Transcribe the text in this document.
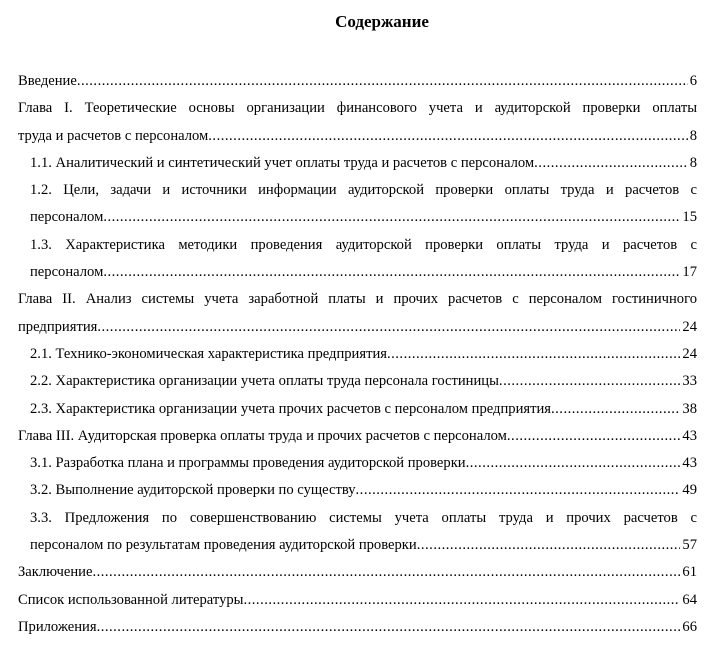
Содержание
Введение .....	6
Глава I. Теоретические основы организации финансового учета и аудиторской проверки оплаты
труда и расчетов с персоналом .....	8
1.1. Аналитический и синтетический учет оплаты труда и расчетов с персоналом .....	8
1.2. Цели, задачи и источники информации аудиторской проверки оплаты труда и расчетов с
персоналом .....	15
1.3. Характеристика методики проведения аудиторской проверки оплаты труда и расчетов с
персоналом .....	17
Глава II. Анализ системы учета заработной платы и прочих расчетов с персоналом гостиничного
предприятия .....	24
2.1. Технико-экономическая характеристика предприятия .....	24
2.2. Характеристика организации учета оплаты труда персонала гостиницы .....	33
2.3. Характеристика организации учета прочих расчетов с персоналом предприятия .....	38
Глава III. Аудиторская проверка оплаты труда и прочих расчетов с персоналом .....	43
3.1. Разработка плана и программы проведения аудиторской проверки .....	43
3.2. Выполнение аудиторской проверки по существу .....	49
3.3. Предложения по совершенствованию системы учета оплаты труда и прочих расчетов с
персоналом по результатам проведения аудиторской проверки .....	57
Заключение .....	61
Список использованной литературы .....	64
Приложения .....	66
